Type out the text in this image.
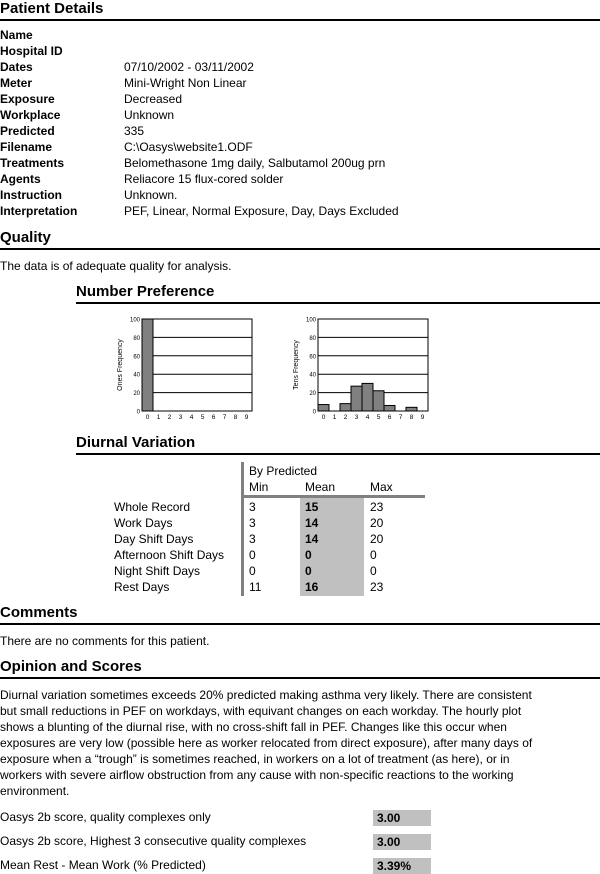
Patient Details
Name
Hospital ID
Dates	07/10/2002 - 03/11/2002
Meter	Mini-Wright Non Linear
Exposure	Decreased
Workplace	Unknown
Predicted	335
Filename	C:\Oasys\website1.ODF
Treatments	Belomethasone 1mg daily, Salbutamol 200ug prn
Agents	Reliacore 15 flux-cored solder
Instruction	Unknown.
Interpretation	PEF, Linear, Normal Exposure, Day, Days Excluded
Quality
The data is of adequate quality for analysis.
Number Preference
0
20
40
60
80
100
0 1 2 3 4 5 6 7 8 9
Ones Frequency
0
20
40
60
80
100
0 1 2 3 4 5 6 7 8 9
Tens Frequency
Diurnal Variation
By Predicted
Min	Mean	Max
Whole Record	3	15	23
Work Days	3	14	20
Day Shift Days	3	14	20
Afternoon Shift Days 0	0	0
Night Shift Days	0	0	0
Rest Days	11	16	23
Comments
There are no comments for this patient.
Opinion and Scores
Diurnal variation sometimes exceeds 20% predicted making asthma very likely. There are consistent
but small reductions in PEF on workdays, with equivant changes on each workday. The hourly plot
shows a blunting of the diurnal rise, with no cross-shift fall in PEF. Changes like this occur when
exposures are very low (possible here as worker relocated from direct exposure), after many days of
exposure when a “trough” is sometimes reached, in workers on a lot of treatment (as here), or in
workers with severe airflow obstruction from any cause with non-specific reactions to the working
environment.
Oasys 2b score, quality complexes only	3.00
Oasys 2b score, Highest 3 consecutive quality complexes	3.00
Mean Rest - Mean Work (% Predicted)	3.39%
